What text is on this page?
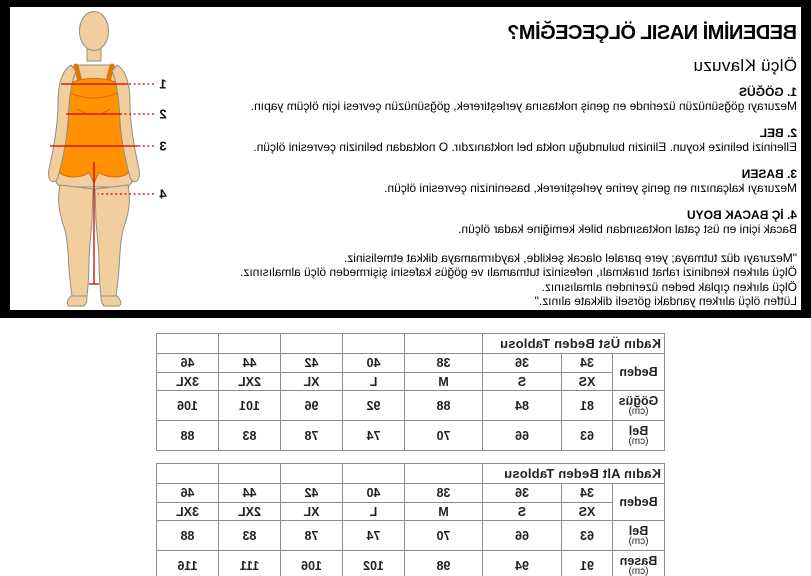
BEDENİMİ NASIL ÖLÇECEĞİM?
Ölçü Klavuzu
1. GÖĞÜS
Mezurayı göğsünüzün üzerinde en geniş noktasına yerleştirerek, göğsünüzün çevresi için ölçüm yapın.
2. BEL
Ellerinizi belinize koyun. Elinizin bulunduğu nokta bel noktanızdır. O noktadan belinizin çevresini ölçün.
3. BASEN
Mezurayı kalçanızın en geniş yerine yerleştirerek, baseninizin çevresini ölçün.
4. İÇ BACAK BOYU
Bacak içini en üst çatal noktasından bilek kemiğine kadar ölçün.
"Mezurayı düz tutmaya; yere paralel olacak şekilde, kaydırmamaya dikkat etmelisiniz.
Ölçü alırken kendinizi rahat bırakmalı, nefesinizi tutmamalı ve göğüs kafesini şişirmeden ölçü almalısınız.
Ölçü alırken çıplak beden üzerinden almalısınız.
Lütfen ölçü alırken yandaki görseli dikkate alınız."
1
2
3
4
Kadın Üst Beden Tablosu							
Beden	34	36	38	40	42	44	46
	XS	S	M	L	XL	2XL	3XL
Göğüs
(cm)	81	84	88	92	96	101	106
Bel
(cm)	63	66	70	74	78	83	88
Kadın Alt Beden Tablosu							
Beden	34	36	38	40	42	44	46
	XS	S	M	L	XL	2XL	3XL
Bel
(cm)	63	66	70	74	78	83	88
Basen
(cm)	91	94	98	102	106	111	116
